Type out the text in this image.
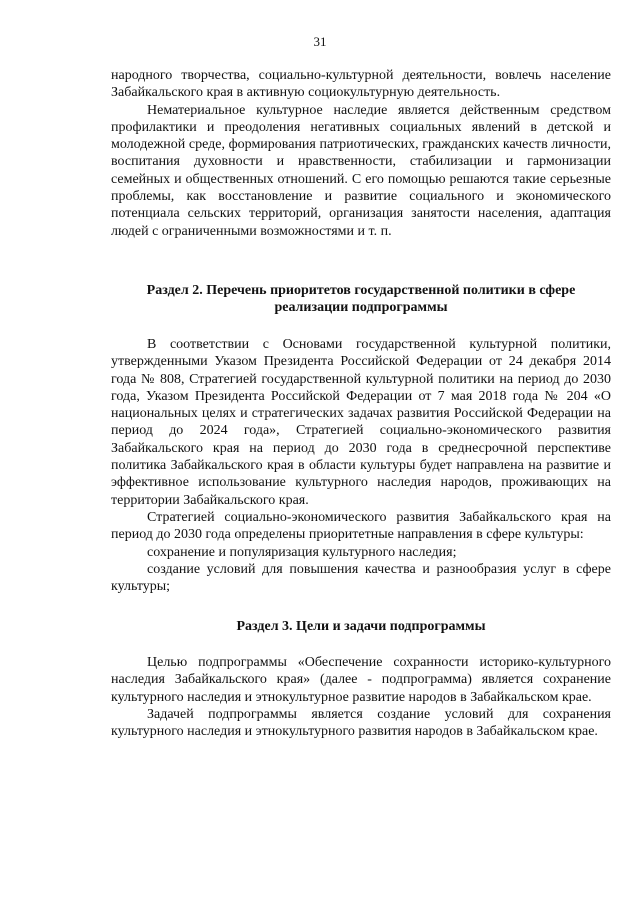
31

народного творчества, социально-культурной деятельности, вовлечь население Забайкальского края в активную социокультурную деятельность.

Нематериальное культурное наследие является действенным средством профилактики и преодоления негативных социальных явлений в детской и молодежной среде, формирования патриотических, гражданских качеств личности, воспитания духовности и нравственности, стабилизации и гармонизации семейных и общественных отношений. С его помощью решаются такие серьезные проблемы, как восстановление и развитие социального и экономического потенциала сельских территорий, организация занятости населения, адаптация людей с ограниченными возможностями и т. п.

Раздел 2. Перечень приоритетов государственной политики в сфере реализации подпрограммы

В соответствии с Основами государственной культурной политики, утвержденными Указом Президента Российской Федерации от 24 декабря 2014 года № 808, Стратегией государственной культурной политики на период до 2030 года, Указом Президента Российской Федерации от 7 мая 2018 года № 204 «О национальных целях и стратегических задачах развития Российской Федерации на период до 2024 года», Стратегией социально-экономического развития Забайкальского края на период до 2030 года в среднесрочной перспективе политика Забайкальского края в области культуры будет направлена на развитие и эффективное использование культурного наследия народов, проживающих на территории Забайкальского края.

Стратегией социально-экономического развития Забайкальского края на период до 2030 года определены приоритетные направления в сфере культуры:

сохранение и популяризация культурного наследия;

создание условий для повышения качества и разнообразия услуг в сфере культуры;

Раздел 3. Цели и задачи подпрограммы

Целью подпрограммы «Обеспечение сохранности историко-культурного наследия Забайкальского края» (далее - подпрограмма) является сохранение культурного наследия и этнокультурное развитие народов в Забайкальском крае.

Задачей подпрограммы является создание условий для сохранения культурного наследия и этнокультурного развития народов в Забайкальском крае.
